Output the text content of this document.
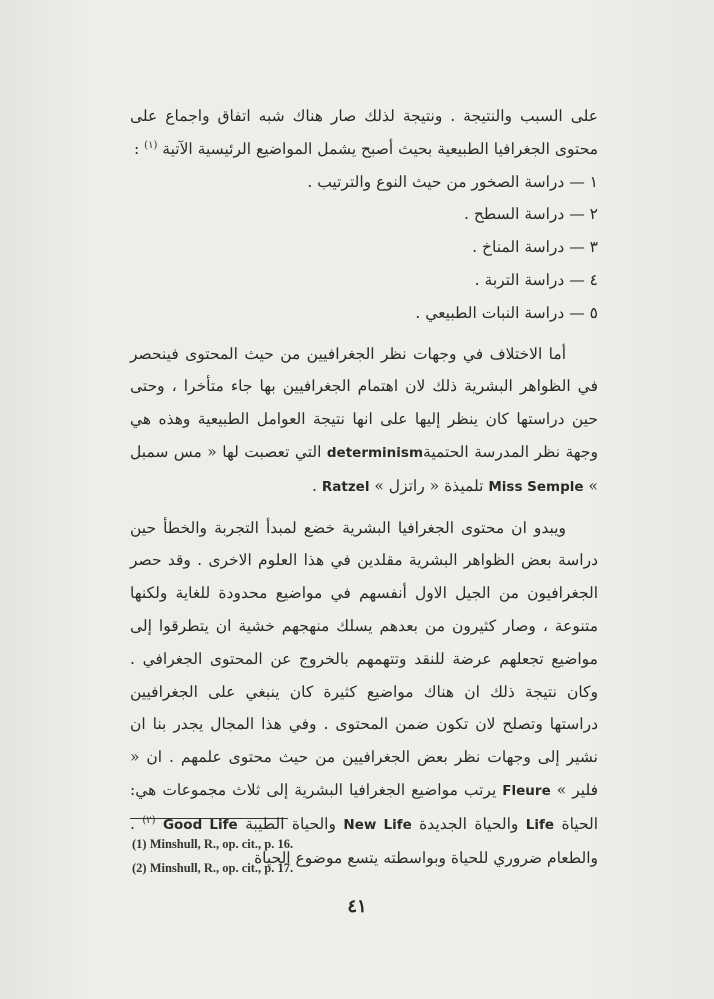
على السبب والنتيجة . ونتيجة لذلك صار هناك شبه اتفاق واجماع على محتوى الجغرافيا الطبيعية بحيث أصبح يشمل المواضيع الرئيسية الآتية $^{(١)}$ :

١ — دراسة الصخور من حيث النوع والترتيب .
٢ — دراسة السطح .
٣ — دراسة المناخ .
٤ — دراسة التربة .
٥ — دراسة النبات الطبيعي .

أما الاختلاف في وجهات نظر الجغرافيين من حيث المحتوى فينحصر في الظواهر البشرية ذلك لان اهتمام الجغرافيين بها جاء متأخرا ، وحتى حين دراستها كان ينظر إليها على انها نتيجة العوامل الطبيعية وهذه هي وجهة نظر المدرسة الحتميةdeterminism التي تعصبت لها « مس سمبل » Miss Semple تلميذة « راتزل » Ratzel .

ويبدو ان محتوى الجغرافيا البشرية خضع لمبدأ التجربة والخطأ حين دراسة بعض الظواهر البشرية مقلدين في هذا العلوم الاخرى . وقد حصر الجغرافيون من الجيل الاول أنفسهم في مواضيع محدودة للغاية ولكنها متنوعة ، وصار كثيرون من بعدهم يسلك منهجهم خشية ان يتطرقوا إلى مواضيع تجعلهم عرضة للنقد وتتهمهم بالخروج عن المحتوى الجغرافي . وكان نتيجة ذلك ان هناك مواضيع كثيرة كان ينبغي على الجغرافيين دراستها وتصلح لان تكون ضمن المحتوى . وفي هذا المجال يجدر بنا ان نشير إلى وجهات نظر بعض الجغرافيين من حيث محتوى علمهم . ان « فلير » Fleure يرتب مواضيع الجغرافيا البشرية إلى ثلاث مجموعات هي: الحياة Life والحياة الجديدة New Life والحياة الطيبة Good Life $^{(٢)}$ . والطعام ضروري للحياة وبواسطته يتسع موضوع الحياة

(1) Minshull, R., op. cit., p. 16.
(2) Minshull, R., op. cit., p. 17.
٤١
